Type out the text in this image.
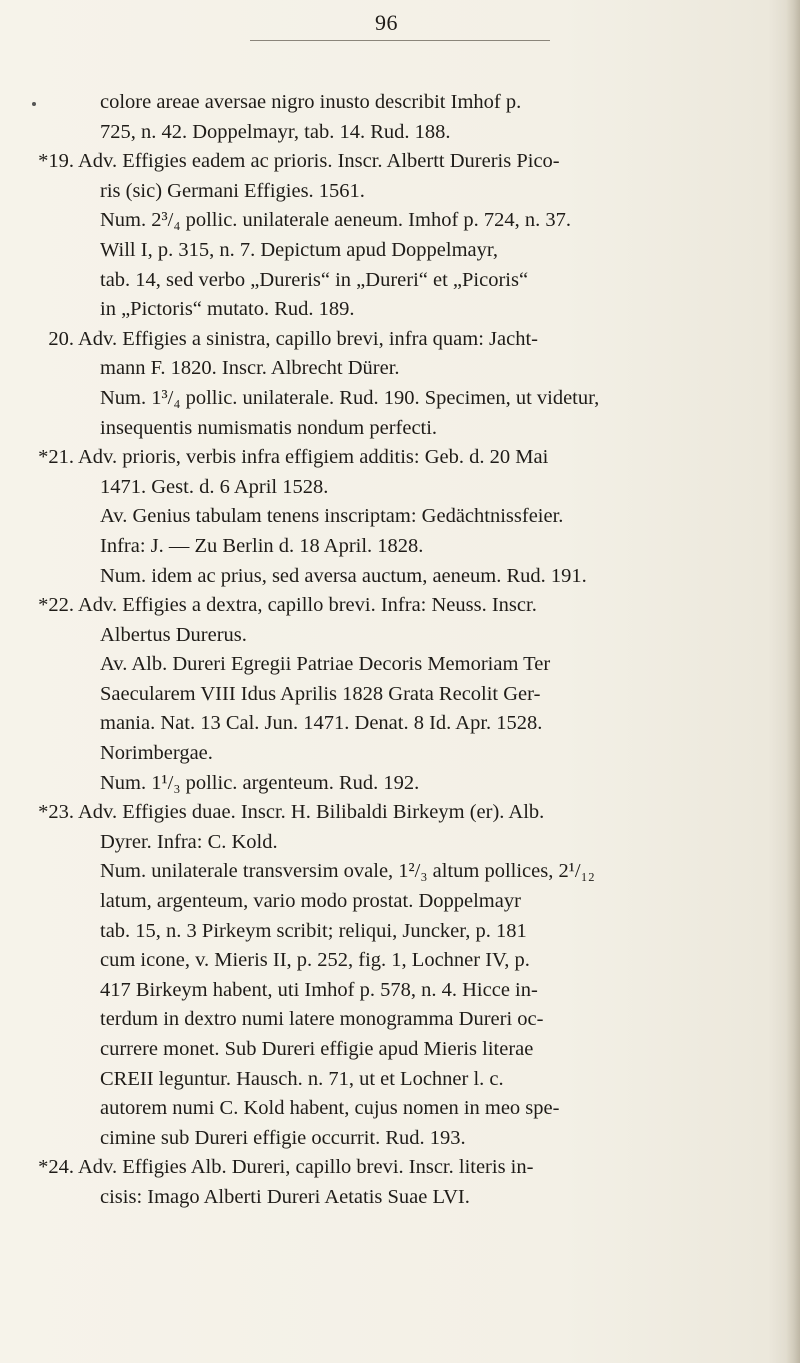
96
colore areae aversae nigro inusto describit Imhof p.
725, n. 42. Doppelmayr, tab. 14. Rud. 188.
*19. Adv. Effigies eadem ac prioris. Inscr. Albertt Dureris Pico-
ris (sic) Germani Effigies. 1561.
Num. 2³/₄ pollic. unilaterale aeneum. Imhof p. 724, n. 37.
Will I, p. 315, n. 7. Depictum apud Doppelmayr,
tab. 14, sed verbo „Dureris“ in „Dureri“ et „Picoris“
in „Pictoris“ mutato. Rud. 189.
20. Adv. Effigies a sinistra, capillo brevi, infra quam: Jacht-
mann F. 1820. Inscr. Albrecht Dürer.
Num. 1³/₄ pollic. unilaterale. Rud. 190. Specimen, ut videtur,
insequentis numismatis nondum perfecti.
*21. Adv. prioris, verbis infra effigiem additis: Geb. d. 20 Mai
1471. Gest. d. 6 April 1528.
Av. Genius tabulam tenens inscriptam: Gedächtnissfeier.
Infra: J. — Zu Berlin d. 18 April. 1828.
Num. idem ac prius, sed aversa auctum, aeneum. Rud. 191.
*22. Adv. Effigies a dextra, capillo brevi. Infra: Neuss. Inscr.
Albertus Durerus.
Av. Alb. Dureri Egregii Patriae Decoris Memoriam Ter
Saecularem VIII Idus Aprilis 1828 Grata Recolit Ger-
mania. Nat. 13 Cal. Jun. 1471. Denat. 8 Id. Apr. 1528.
Norimbergae.
Num. 1¹/₃ pollic. argenteum. Rud. 192.
*23. Adv. Effigies duae. Inscr. H. Bilibaldi Birkeym (er). Alb.
Dyrer. Infra: C. Kold.
Num. unilaterale transversim ovale, 1²/₃ altum pollices, 2¹/₁₂
latum, argenteum, vario modo prostat. Doppelmayr
tab. 15, n. 3 Pirkeym scribit; reliqui, Juncker, p. 181
cum icone, v. Mieris II, p. 252, fig. 1, Lochner IV, p.
417 Birkeym habent, uti Imhof p. 578, n. 4. Hicce in-
terdum in dextro numi latere monogramma Dureri oc-
currere monet. Sub Dureri effigie apud Mieris literae
CREII leguntur. Hausch. n. 71, ut et Lochner l. c.
autorem numi C. Kold habent, cujus nomen in meo spe-
cimine sub Dureri effigie occurrit. Rud. 193.
*24. Adv. Effigies Alb. Dureri, capillo brevi. Inscr. literis in-
cisis: Imago Alberti Dureri Aetatis Suae LVI.
